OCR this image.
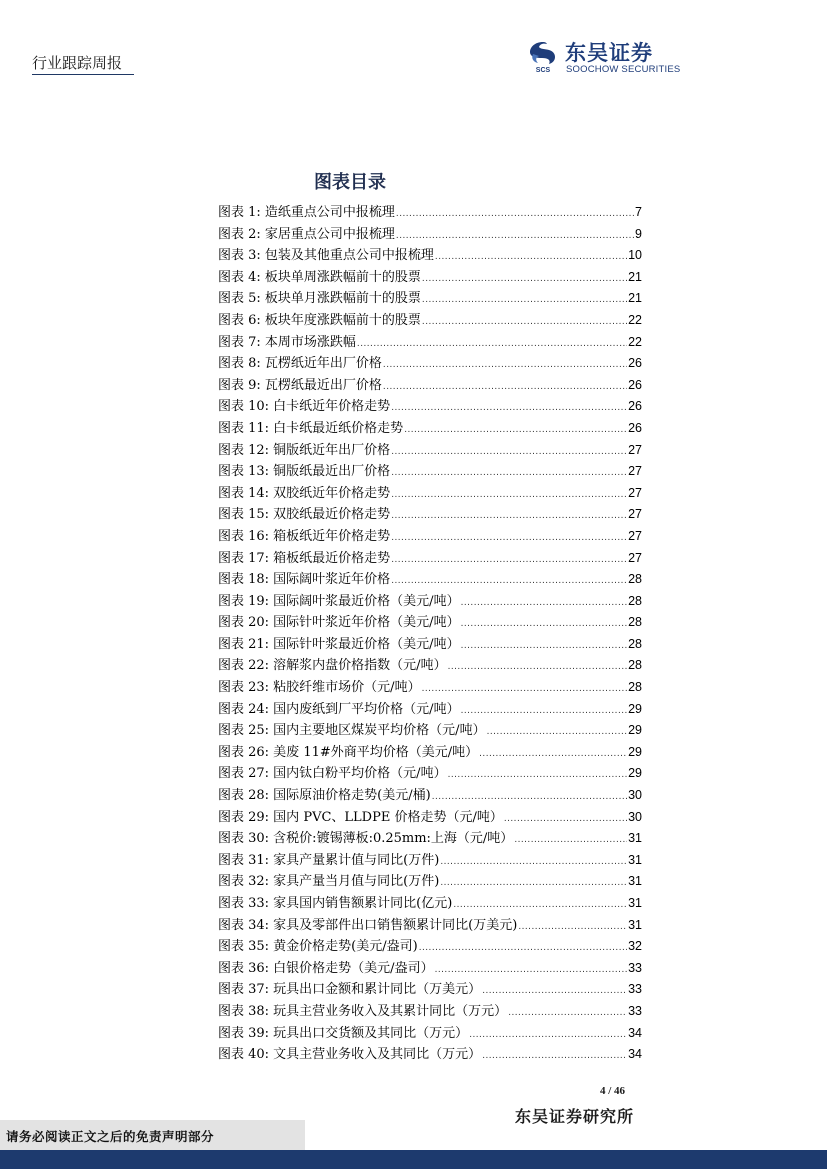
行业跟踪周报	SCS
东吴证券
SOOCHOW SECURITIES
图表目录
图表 1: 造纸重点公司中报梳理 .....	7
图表 2: 家居重点公司中报梳理 .....	9
图表 3: 包装及其他重点公司中报梳理 .....	10
图表 4: 板块单周涨跌幅前十的股票 .....	21
图表 5: 板块单月涨跌幅前十的股票 .....	21
图表 6: 板块年度涨跌幅前十的股票 .....	22
图表 7: 本周市场涨跌幅 .....	22
图表 8: 瓦楞纸近年出厂价格 .....	26
图表 9: 瓦楞纸最近出厂价格 .....	26
图表 10: 白卡纸近年价格走势 .....	26
图表 11: 白卡纸最近纸价格走势 .....	26
图表 12: 铜版纸近年出厂价格 .....	27
图表 13: 铜版纸最近出厂价格 .....	27
图表 14: 双胶纸近年价格走势 .....	27
图表 15: 双胶纸最近价格走势 .....	27
图表 16: 箱板纸近年价格走势 .....	27
图表 17: 箱板纸最近价格走势 .....	27
图表 18: 国际阔叶浆近年价格 .....	28
图表 19: 国际阔叶浆最近价格（美元/吨） .....	28
图表 20: 国际针叶浆近年价格（美元/吨） .....	28
图表 21: 国际针叶浆最近价格（美元/吨） .....	28
图表 22: 溶解浆内盘价格指数（元/吨） .....	28
图表 23: 粘胶纤维市场价（元/吨） .....	28
图表 24: 国内废纸到厂平均价格（元/吨） .....	29
图表 25: 国内主要地区煤炭平均价格（元/吨） .....	29
图表 26: 美废 11#外商平均价格（美元/吨） .....	29
图表 27: 国内钛白粉平均价格（元/吨） .....	29
图表 28: 国际原油价格走势(美元/桶) .....	30
图表 29: 国内 PVC、LLDPE 价格走势（元/吨） .....	30
图表 30: 含税价:镀锡薄板:0.25mm:上海（元/吨） .....	31
图表 31: 家具产量累计值与同比(万件) .....	31
图表 32: 家具产量当月值与同比(万件) .....	31
图表 33: 家具国内销售额累计同比(亿元) .....	31
图表 34: 家具及零部件出口销售额累计同比(万美元) .....	31
图表 35: 黄金价格走势(美元/盎司) .....	32
图表 36: 白银价格走势（美元/盎司） .....	33
图表 37: 玩具出口金额和累计同比（万美元） .....	33
图表 38: 玩具主营业务收入及其累计同比（万元） .....	33
图表 39: 玩具出口交货额及其同比（万元） .....	34
图表 40: 文具主营业务收入及其同比（万元） .....	34
4 / 46
东吴证券研究所
请务必阅读正文之后的免责声明部分
